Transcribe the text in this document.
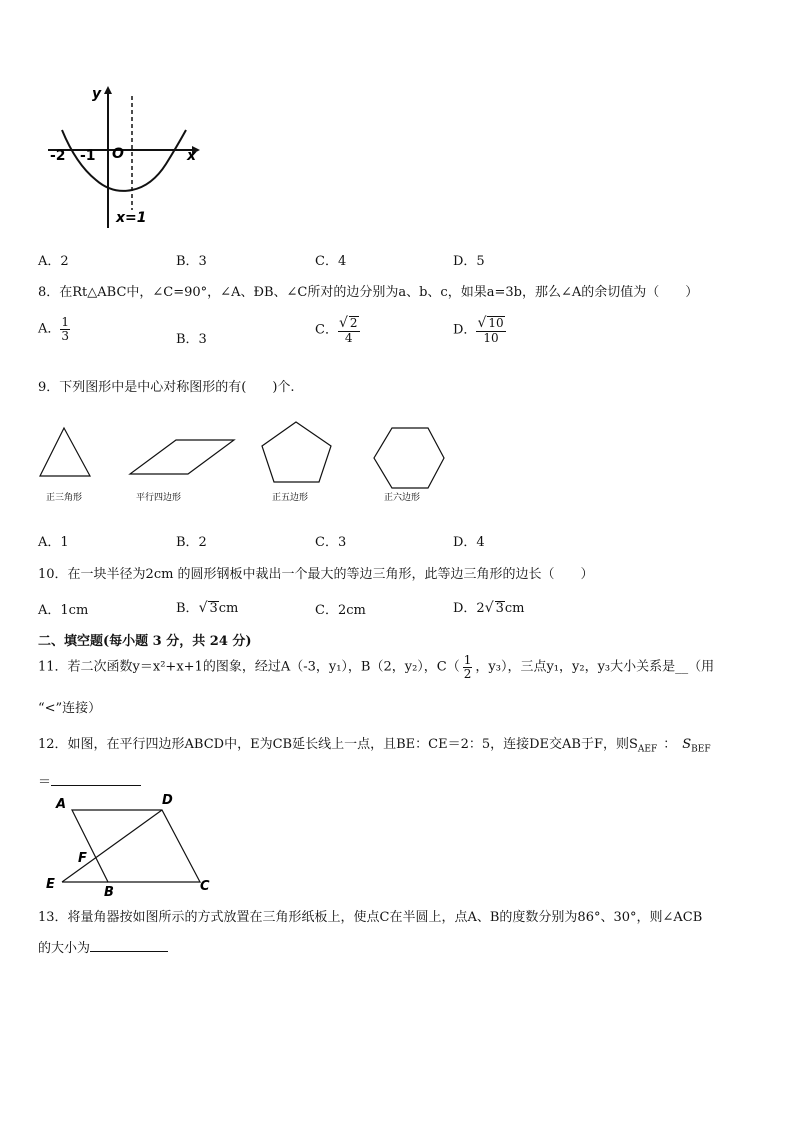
y
x
O
-2 -1
x=1
A．2	B．3	C．4	D．5
8．在Rt△ABC中，∠C=90°，∠A、ÐB、∠C所对的边分别为a、b、c，如果a=3b，那么∠A的余切值为（　　）
A． $\frac{1}{3}$	B．3
C． $\frac{√ 2}{4}$	D． $\frac{√ 10}{10}$
9．下列图形中是中心对称图形的有(　　)个.
正三角形	平行四边形	正五边形	正六边形
A．1	B．2	C．3	D．4
10．在一块半径为2cm 的圆形钢板中裁出一个最大的等边三角形，此等边三角形的边长（　　）
A．1cm	B．√ 3cm	C．2cm	D．2√ 3cm
二、填空题(每小题 3 分，共 24 分)
11．若二次函数y＝x²+x+1的图象，经过A（-3，y₁），B（2，y₂），$C( \frac{1}{2}$ ，y₃），三点y₁，y₂，y₃大小关系是__（用
“<”连接）
12．如图，在平行四边形ABCD中，E为CB延长线上一点，且BE：CE＝2：5，连接DE交AB于F，则$S_{AEF}$ ： $S_{BEF}$
＝
A	D
F
E
B	C
13．将量角器按如图所示的方式放置在三角形纸板上，使点C在半圆上，点A、B的度数分别为86°、30°，则∠ACB
的大小为
